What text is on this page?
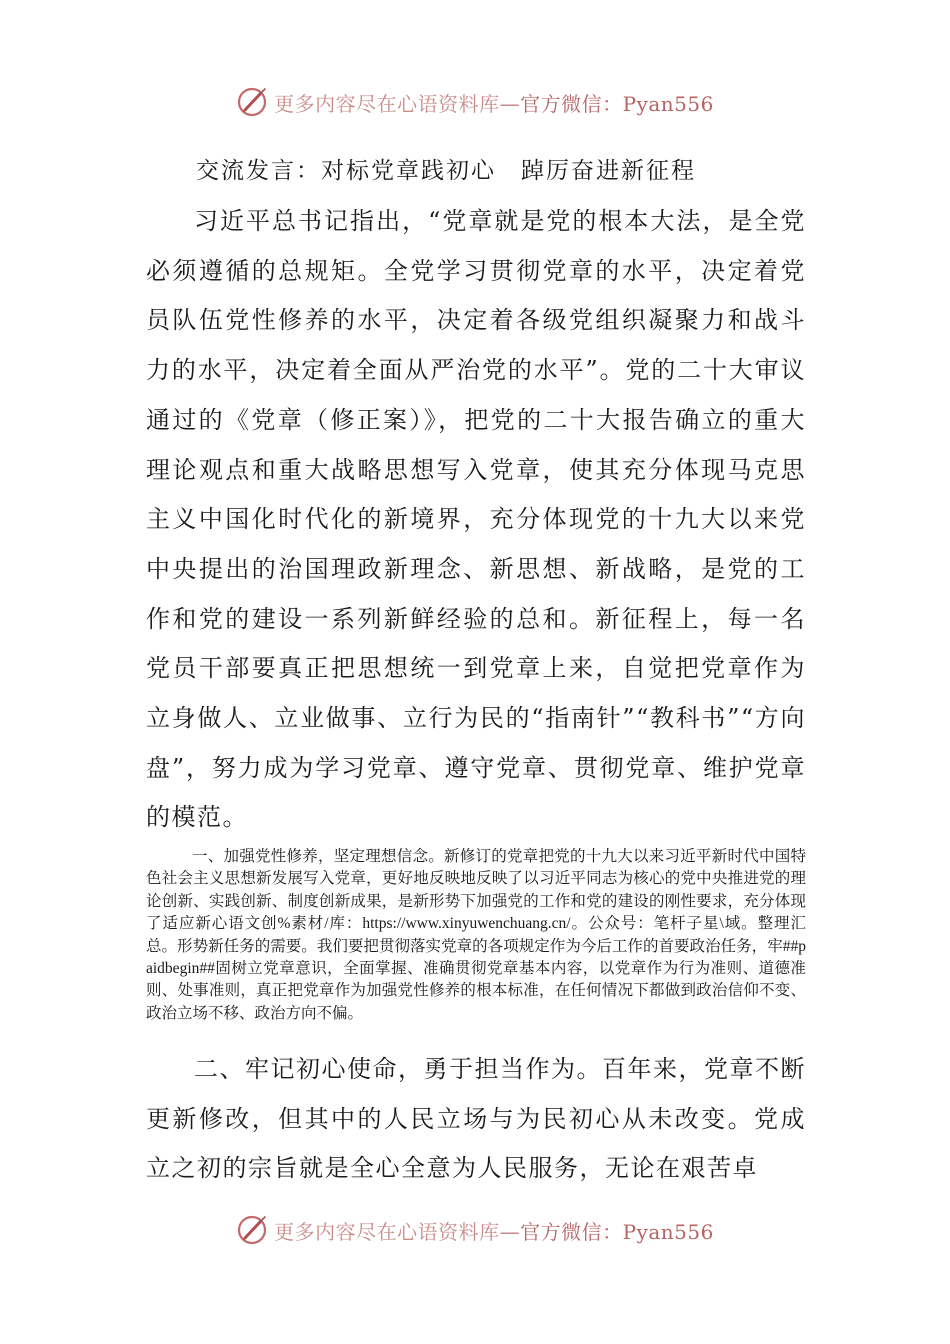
更多内容尽在心语资料库—官方微信：Pyan556
交流发言：对标党章践初心　踔厉奋进新征程

习近平总书记指出，“党章就是党的根本大法，是全党必须遵循的总规矩。全党学习贯彻党章的水平，决定着党员队伍党性修养的水平，决定着各级党组织凝聚力和战斗力的水平，决定着全面从严治党的水平”。党的二十大审议通过的《党章（修正案）》，把党的二十大报告确立的重大理论观点和重大战略思想写入党章，使其充分体现马克思主义中国化时代化的新境界，充分体现党的十九大以来党中央提出的治国理政新理念、新思想、新战略，是党的工作和党的建设一系列新鲜经验的总和。新征程上，每一名党员干部要真正把思想统一到党章上来，自觉把党章作为立身做人、立业做事、立行为民的“指南针”“教科书”“方向盘”，努力成为学习党章、遵守党章、贯彻党章、维护党章的模范。

一、加强党性修养，坚定理想信念。新修订的党章把党的十九大以来习近平新时代中国特色社会主义思想新发展写入党章，更好地反映地反映了以习近平同志为核心的党中央推进党的理论创新、实践创新、制度创新成果，是新形势下加强党的工作和党的建设的刚性要求，充分体现了适应新心语文创%素材/库：https://www.xinyuwenchuang.cn/。公众号：笔杆子星\域。整理汇总。形势新任务的需要。我们要把贯彻落实党章的各项规定作为今后工作的首要政治任务，牢##paidbegin##固树立党章意识，全面掌握、准确贯彻党章基本内容，以党章作为行为准则、道德准则、处事准则，真正把党章作为加强党性修养的根本标准，在任何情况下都做到政治信仰不变、政治立场不移、政治方向不偏。

二、牢记初心使命，勇于担当作为。百年来，党章不断更新修改，但其中的人民立场与为民初心从未改变。党成立之初的宗旨就是全心全意为人民服务，无论在艰苦卓

更多内容尽在心语资料库—官方微信：Pyan556
